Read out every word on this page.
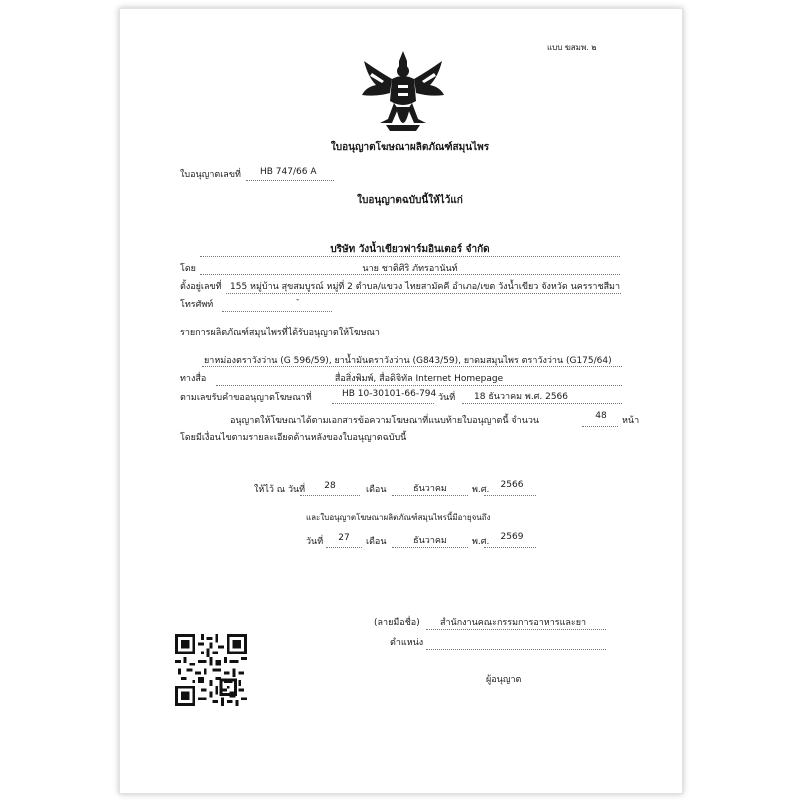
แบบ ฆสมพ. ๒
ใบอนุญาตโฆษณาผลิตภัณฑ์สมุนไพร
ใบอนุญาตเลขที่ HB 747/66 A
ใบอนุญาตฉบับนี้ให้ไว้แก่
บริษัท วังน้ำเขียวฟาร์มอินเตอร์ จำกัด
โดย	นาย ชาติศิริ ภัทรอานันท์
ตั้งอยู่เลขที่ 155 หมู่บ้าน สุขสมบูรณ์ หมู่ที่ 2 ตำบล/แขวง ไทยสามัคคี อำเภอ/เขต วังน้ำเขียว จังหวัด นครราชสีมา
โทรศัพท์	-
รายการผลิตภัณฑ์สมุนไพรที่ได้รับอนุญาตให้โฆษณา
ยาหม่องตราวังว่าน (G 596/59), ยาน้ำมันตราวังว่าน (G843/59), ยาดมสมุนไพร ตราวังว่าน (G175/64)
ทางสื่อ	สื่อสิ่งพิมพ์, สื่อดิจิทัล Internet Homepage
ตามเลขรับคำขออนุญาตโฆษณาที่	HB 10-30101-66-794 วันที่ 18 ธันวาคม พ.ศ. 2566
อนุญาตให้โฆษณาได้ตามเอกสารข้อความโฆษณาที่แนบท้ายใบอนุญาตนี้ จำนวน	48	หน้า
โดยมีเงื่อนไขตามรายละเอียดด้านหลังของใบอนุญาตฉบับนี้
ให้ไว้ ณ วันที่	28	เดือน	ธันวาคม	พ.ศ.	2566
และใบอนุญาตโฆษณาผลิตภัณฑ์สมุนไพรนี้มีอายุจนถึง
วันที่	27	เดือน	ธันวาคม	พ.ศ.	2569
(ลายมือชื่อ) สำนักงานคณะกรรมการอาหารและยา
ตำแหน่ง
ผู้อนุญาต
